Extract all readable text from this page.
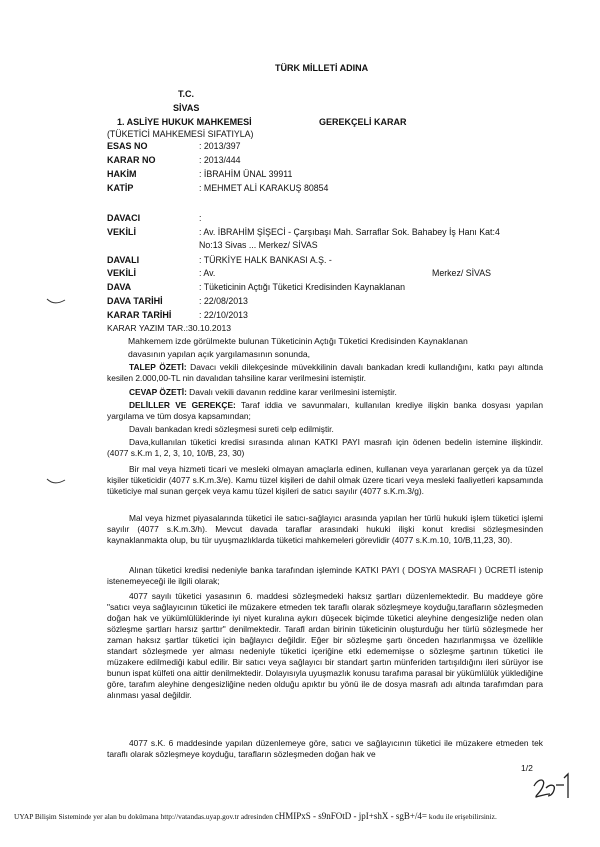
TÜRK MİLLETİ ADINA
T.C.
SİVAS
1. ASLİYE HUKUK MAHKEMESİ	GEREKÇELİ KARAR
(TÜKETİCİ MAHKEMESİ SIFATIYLA)
ESAS NO	: 2013/397
KARAR NO	: 2013/444
HAKİM	: İBRAHİM ÜNAL 39911
KATİP	: MEHMET ALİ KARAKUŞ 80854
DAVACI	:
VEKİLİ	: Av. İBRAHİM ŞİŞECİ - Çarşıbaşı Mah. Sarraflar Sok. Bahabey İş Hanı Kat:4
No:13 Sivas ... Merkez/ SİVAS
DAVALI	: TÜRKİYE HALK BANKASI A.Ş. -
VEKİLİ	: Av.	Merkez/ SİVAS
DAVA	: Tüketicinin Açtığı Tüketici Kredisinden Kaynaklanan
DAVA TARİHİ	: 22/08/2013
KARAR TARİHİ	: 22/10/2013
KARAR YAZIM TAR.:30.10.2013
Mahkemem izde görülmekte bulunan Tüketicinin Açtığı Tüketici Kredisinden Kaynaklanan
davasının yapılan açık yargılamasının sonunda,
TALEP ÖZETİ: Davacı vekili dilekçesinde müvekkilinin davalı bankadan kredi kullandığını, katkı payı altında kesilen 2.000,00-TL nin davalıdan tahsiline karar verilmesini istemiştir.
CEVAP ÖZETİ: Davalı vekili davanın reddine karar verilmesini istemiştir.
DELİLLER VE GEREKÇE: Taraf iddia ve savunmaları, kullanılan krediye ilişkin banka dosyası yapılan yargılama ve tüm dosya kapsamından;
Davalı bankadan kredi sözleşmesi sureti celp edilmiştir.
Dava,kullanılan tüketici kredisi sırasında alınan KATKI PAYI masrafı için ödenen bedelin istemine ilişkindir. (4077 s.K.m 1, 2, 3, 10, 10/B, 23, 30)
Bir mal veya hizmeti ticari ve mesleki olmayan amaçlarla edinen, kullanan veya yararlanan gerçek ya da tüzel kişiler tüketicidir (4077 s.K.m.3/e). Kamu tüzel kişileri de dahil olmak üzere ticari veya mesleki faaliyetleri kapsamında tüketiciye mal sunan gerçek veya kamu tüzel kişileri de satıcı sayılır (4077 s.K.m.3/g).
Mal veya hizmet piyasalarında tüketici ile satıcı-sağlayıcı arasında yapılan her türlü hukuki işlem tüketici işlemi sayılır (4077 s.K.m.3/h). Mevcut davada taraflar arasındaki hukuki ilişki konut kredisi sözleşmesinden kaynaklanmakta olup, bu tür uyuşmazlıklarda tüketici mahkemeleri görevlidir (4077 s.K.m.10, 10/B,11,23, 30).
Alınan tüketici kredisi nedeniyle banka tarafından işleminde KATKI PAYI ( DOSYA MASRAFI ) ÜCRETİ istenip istenemeyeceği ile ilgili olarak;
4077 sayılı tüketici yasasının 6. maddesi sözleşmedeki haksız şartları düzenlemektedir. Bu maddeye göre "satıcı veya sağlayıcının tüketici ile müzakere etmeden tek taraflı olarak sözleşmeye koyduğu,tarafların sözleşmeden doğan hak ve yükümlülüklerinde iyi niyet kuralına aykırı düşecek biçimde tüketici aleyhine dengesizliğe neden olan sözleşme şartları harsız şarttır" denilmektedir. Tarafl ardan birinin tüketicinin oluşturduğu her türlü sözleşmede her zaman haksız şartlar tüketici için bağlayıcı değildir. Eğer bir sözleşme şartı önceden hazırlanmışsa ve özellikle standart sözleşmede yer alması nedeniyle tüketici içeriğine etki edememişse o sözleşme şartının tüketici ile müzakere edilmediği kabul edilir. Bir satıcı veya sağlayıcı bir standart şartın münferiden tartışıldığını ileri sürüyor ise bunun ispat külfeti ona aittir denilmektedir. Dolayısıyla uyuşmazlık konusu tarafıma parasal bir yükümlülük yüklediğine göre, tarafım aleyhine dengesizliğine neden olduğu apıktır bu yönü ile de dosya masrafı adı altında tarafımdan para alınması yasal değildir.
4077 s.K. 6 maddesinde yapılan düzenlemeye göre, satıcı ve sağlayıcının tüketici ile müzakere etmeden tek taraflı olarak sözleşmeye koyduğu, tarafların sözleşmeden doğan hak ve
1/2
UYAP Bilişim Sisteminde yer alan bu dokümana http://vatandas.uyap.gov.tr adresinden cHMIPxS - s9nFOtD - jpI+shX - sgB+/4= kodu ile erişebilirsiniz.
